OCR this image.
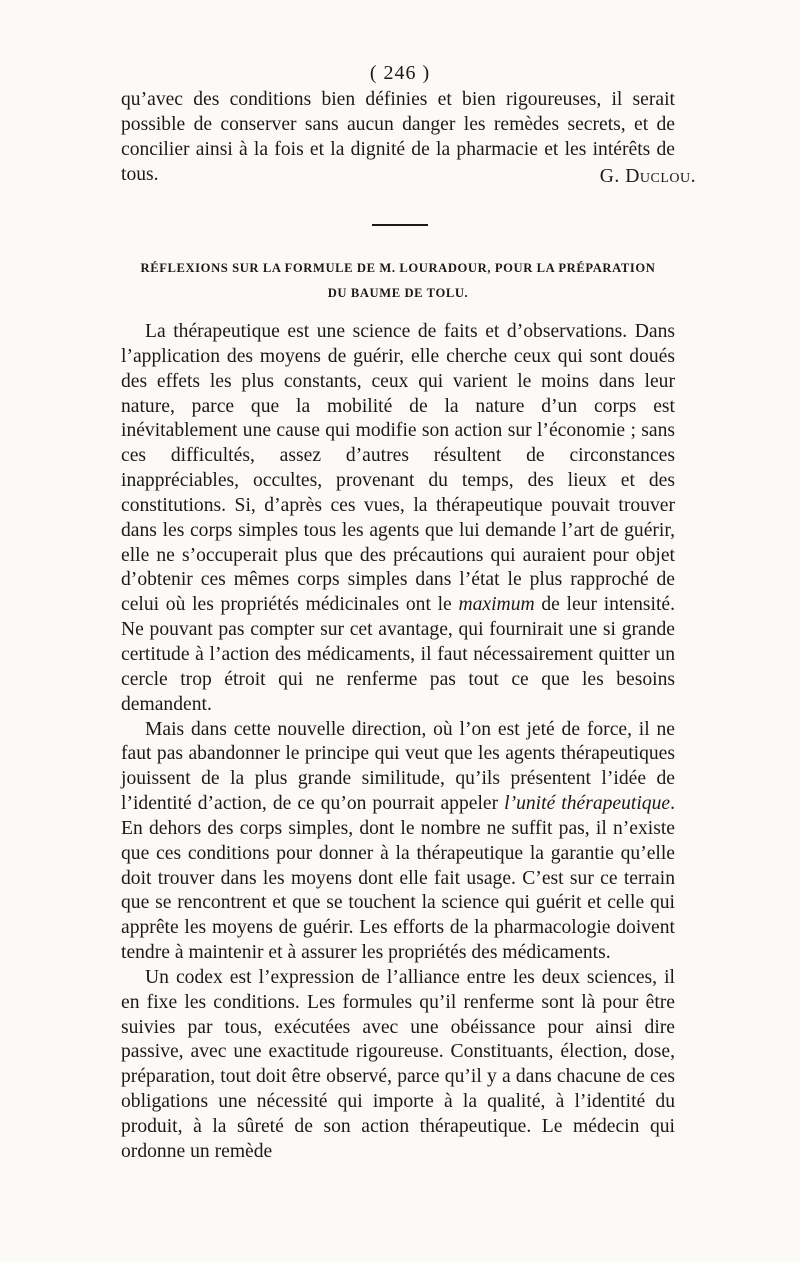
( 246 )

qu’avec des conditions bien définies et bien rigoureuses, il serait possible de conserver sans aucun danger les remèdes secrets, et de concilier ainsi à la fois et la dignité de la pharmacie et les intérêts de tous.	G. Duclou.
RÉFLEXIONS SUR LA FORMULE DE M. LOURADOUR, POUR LA PRÉPARATION
DU BAUME DE TOLU.

La thérapeutique est une science de faits et d’observations. Dans l’application des moyens de guérir, elle cherche ceux qui sont doués des effets les plus constants, ceux qui varient le moins dans leur nature, parce que la mobilité de la nature d’un corps est inévitablement une cause qui modifie son action sur l’économie ; sans ces difficultés, assez d’autres résultent de circonstances inappréciables, occultes, provenant du temps, des lieux et des constitutions. Si, d’après ces vues, la thérapeutique pouvait trouver dans les corps simples tous les agents que lui demande l’art de guérir, elle ne s’occuperait plus que des précautions qui auraient pour objet d’obtenir ces mêmes corps simples dans l’état le plus rapproché de celui où les propriétés médicinales ont le maximum de leur intensité. Ne pouvant pas compter sur cet avantage, qui fournirait une si grande certitude à l’action des médicaments, il faut nécessairement quitter un cercle trop étroit qui ne renferme pas tout ce que les besoins demandent.

Mais dans cette nouvelle direction, où l’on est jeté de force, il ne faut pas abandonner le principe qui veut que les agents thérapeutiques jouissent de la plus grande similitude, qu’ils présentent l’idée de l’identité d’action, de ce qu’on pourrait appeler l’unité thérapeutique. En dehors des corps simples, dont le nombre ne suffit pas, il n’existe que ces conditions pour donner à la thérapeutique la garantie qu’elle doit trouver dans les moyens dont elle fait usage. C’est sur ce terrain que se rencontrent et que se touchent la science qui guérit et celle qui apprête les moyens de guérir. Les efforts de la pharmacologie doivent tendre à maintenir et à assurer les propriétés des médicaments.

Un codex est l’expression de l’alliance entre les deux sciences, il en fixe les conditions. Les formules qu’il renferme sont là pour être suivies par tous, exécutées avec une obéissance pour ainsi dire passive, avec une exactitude rigoureuse. Constituants, élection, dose, préparation, tout doit être observé, parce qu’il y a dans chacune de ces obligations une nécessité qui importe à la qualité, à l’identité du produit, à la sûreté de son action thérapeutique. Le médecin qui ordonne un remède
